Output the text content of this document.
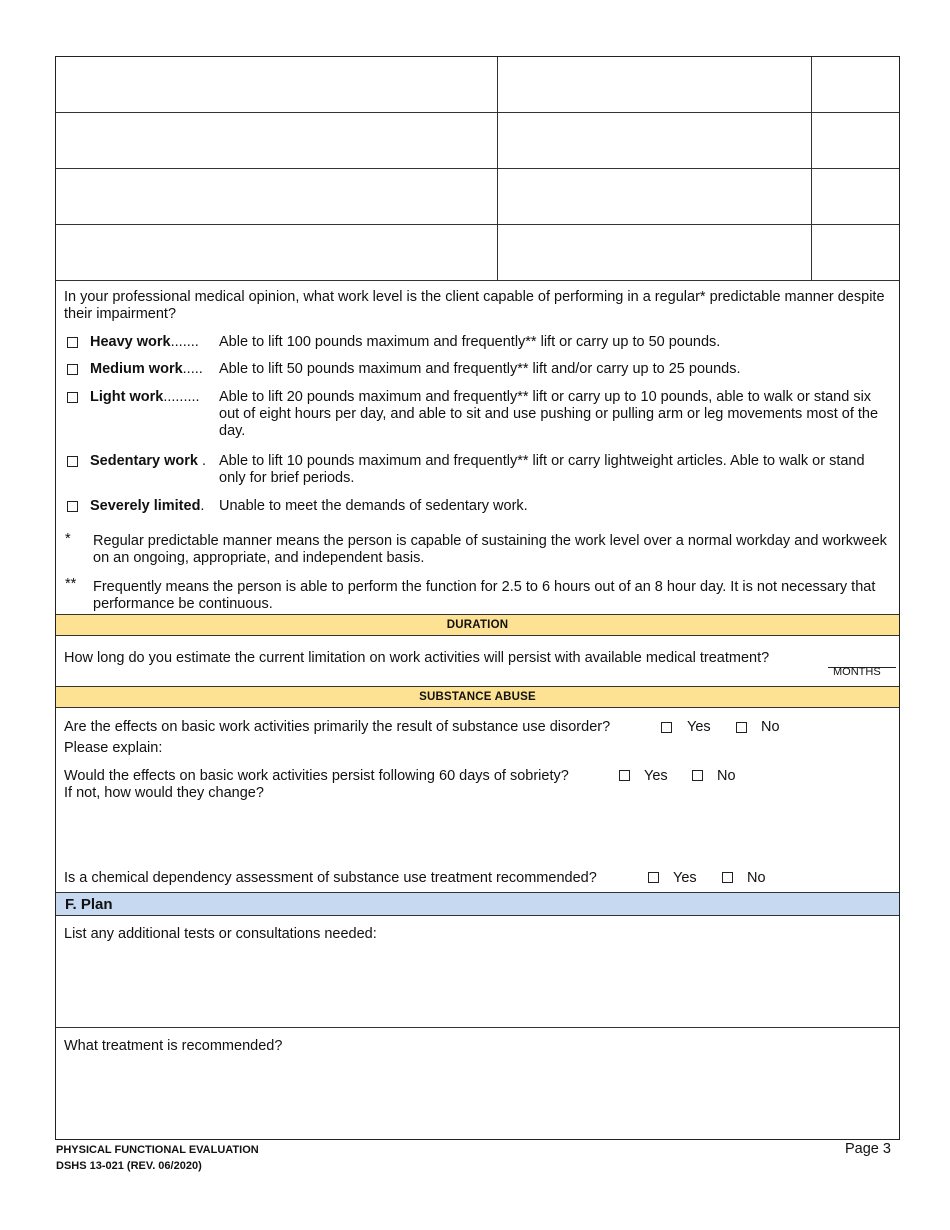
In your professional medical opinion, what work level is the client capable of performing in a regular* predictable manner despite their impairment?
Heavy work....... Able to lift 100 pounds maximum and frequently** lift or carry up to 50 pounds.
Medium work..... Able to lift 50 pounds maximum and frequently** lift and/or carry up to 25 pounds.
Light work......... Able to lift 20 pounds maximum and frequently** lift or carry up to 10 pounds, able to walk or stand six out of eight hours per day, and able to sit and use pushing or pulling arm or leg movements most of the day.
Sedentary work . Able to lift 10 pounds maximum and frequently** lift or carry lightweight articles. Able to walk or stand only for brief periods.
Severely limited. Unable to meet the demands of sedentary work.
* Regular predictable manner means the person is capable of sustaining the work level over a normal workday and workweek on an ongoing, appropriate, and independent basis.
** Frequently means the person is able to perform the function for 2.5 to 6 hours out of an 8 hour day. It is not necessary that performance be continuous.
DURATION
How long do you estimate the current limitation on work activities will persist with available medical treatment?
MONTHS
SUBSTANCE ABUSE
Are the effects on basic work activities primarily the result of substance use disorder?	Yes	No
Please explain:
Would the effects on basic work activities persist following 60 days of sobriety?	Yes	No
If not, how would they change?
Is a chemical dependency assessment of substance use treatment recommended?	Yes	No
F. Plan
List any additional tests or consultations needed:
What treatment is recommended?
PHYSICAL FUNCTIONAL EVALUATION
DSHS 13-021 (REV. 06/2020)
Page 3
